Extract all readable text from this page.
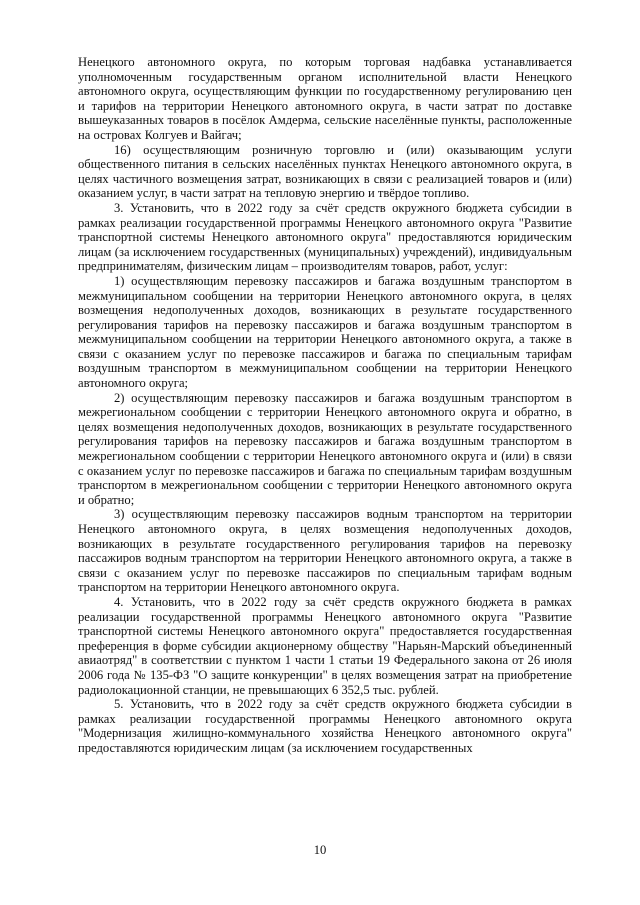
Ненецкого автономного округа, по которым торговая надбавка устанавливается уполномоченным государственным органом исполнительной власти Ненецкого автономного округа, осуществляющим функции по государственному регулированию цен и тарифов на территории Ненецкого автономного округа, в части затрат по доставке вышеуказанных товаров в посёлок Амдерма, сельские населённые пункты, расположенные на островах Колгуев и Вайгач;

16) осуществляющим розничную торговлю и (или) оказывающим услуги общественного питания в сельских населённых пунктах Ненецкого автономного округа, в целях частичного возмещения затрат, возникающих в связи с реализацией товаров и (или) оказанием услуг, в части затрат на тепловую энергию и твёрдое топливо.

3. Установить, что в 2022 году за счёт средств окружного бюджета субсидии в рамках реализации государственной программы Ненецкого автономного округа "Развитие транспортной системы Ненецкого автономного округа" предоставляются юридическим лицам (за исключением государственных (муниципальных) учреждений), индивидуальным предпринимателям, физическим лицам – производителям товаров, работ, услуг:

1) осуществляющим перевозку пассажиров и багажа воздушным транспортом в межмуниципальном сообщении на территории Ненецкого автономного округа, в целях возмещения недополученных доходов, возникающих в результате государственного регулирования тарифов на перевозку пассажиров и багажа воздушным транспортом в межмуниципальном сообщении на территории Ненецкого автономного округа, а также в связи с оказанием услуг по перевозке пассажиров и багажа по специальным тарифам воздушным транспортом в межмуниципальном сообщении на территории Ненецкого автономного округа;

2) осуществляющим перевозку пассажиров и багажа воздушным транспортом в межрегиональном сообщении с территории Ненецкого автономного округа и обратно, в целях возмещения недополученных доходов, возникающих в результате государственного регулирования тарифов на перевозку пассажиров и багажа воздушным транспортом в межрегиональном сообщении с территории Ненецкого автономного округа и (или) в связи с оказанием услуг по перевозке пассажиров и багажа по специальным тарифам воздушным транспортом в межрегиональном сообщении с территории Ненецкого автономного округа и обратно;

3) осуществляющим перевозку пассажиров водным транспортом на территории Ненецкого автономного округа, в целях возмещения недополученных доходов, возникающих в результате государственного регулирования тарифов на перевозку пассажиров водным транспортом на территории Ненецкого автономного округа, а также в связи с оказанием услуг по перевозке пассажиров по специальным тарифам водным транспортом на территории Ненецкого автономного округа.

4. Установить, что в 2022 году за счёт средств окружного бюджета в рамках реализации государственной программы Ненецкого автономного округа "Развитие транспортной системы Ненецкого автономного округа" предоставляется государственная преференция в форме субсидии акционерному обществу "Нарьян-Марский объединенный авиаотряд" в соответствии с пунктом 1 части 1 статьи 19 Федерального закона от 26 июля 2006 года № 135-ФЗ "О защите конкуренции" в целях возмещения затрат на приобретение радиолокационной станции, не превышающих 6 352,5 тыс. рублей.

5. Установить, что в 2022 году за счёт средств окружного бюджета субсидии в рамках реализации государственной программы Ненецкого автономного округа "Модернизация жилищно-коммунального хозяйства Ненецкого автономного округа" предоставляются юридическим лицам (за исключением государственных

10
